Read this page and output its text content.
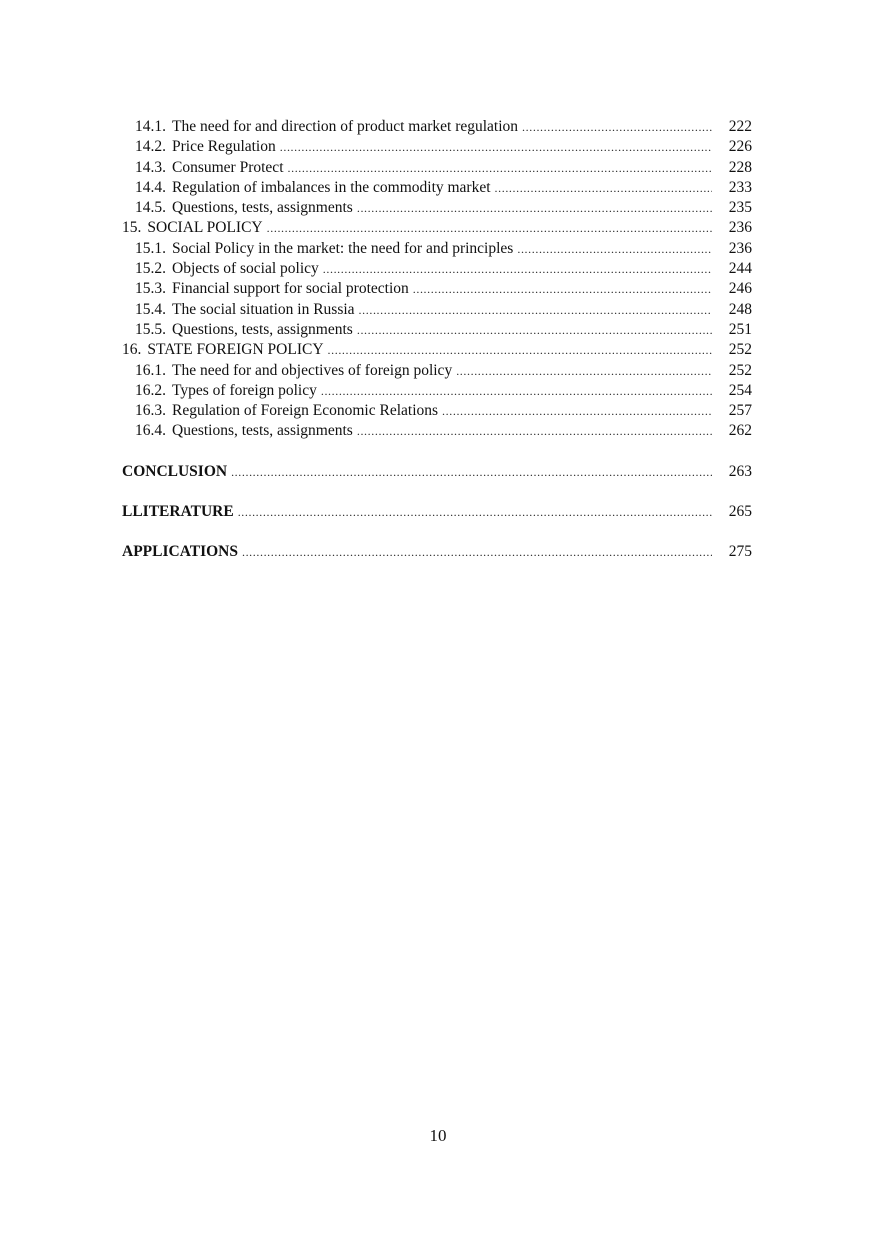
14.1. The need for and direction of product market regulation .....	222
14.2. Price Regulation .....	226
14.3. Consumer Protect .....	228
14.4. Regulation of imbalances in the commodity market .....	233
14.5. Questions, tests, assignments .....	235
15. SOCIAL POLICY .....	236
15.1. Social Policy in the market: the need for and principles .....	236
15.2. Objects of social policy .....	244
15.3. Financial support for social protection .....	246
15.4. The social situation in Russia .....	248
15.5. Questions, tests, assignments .....	251
16. STATE FOREIGN POLICY .....	252
16.1. The need for and objectives of foreign policy .....	252
16.2. Types of foreign policy .....	254
16.3. Regulation of Foreign Economic Relations .....	257
16.4. Questions, tests, assignments .....	262
CONCLUSION .....	263
LLITERATURE .....	265
APPLICATIONS .....	275
10
